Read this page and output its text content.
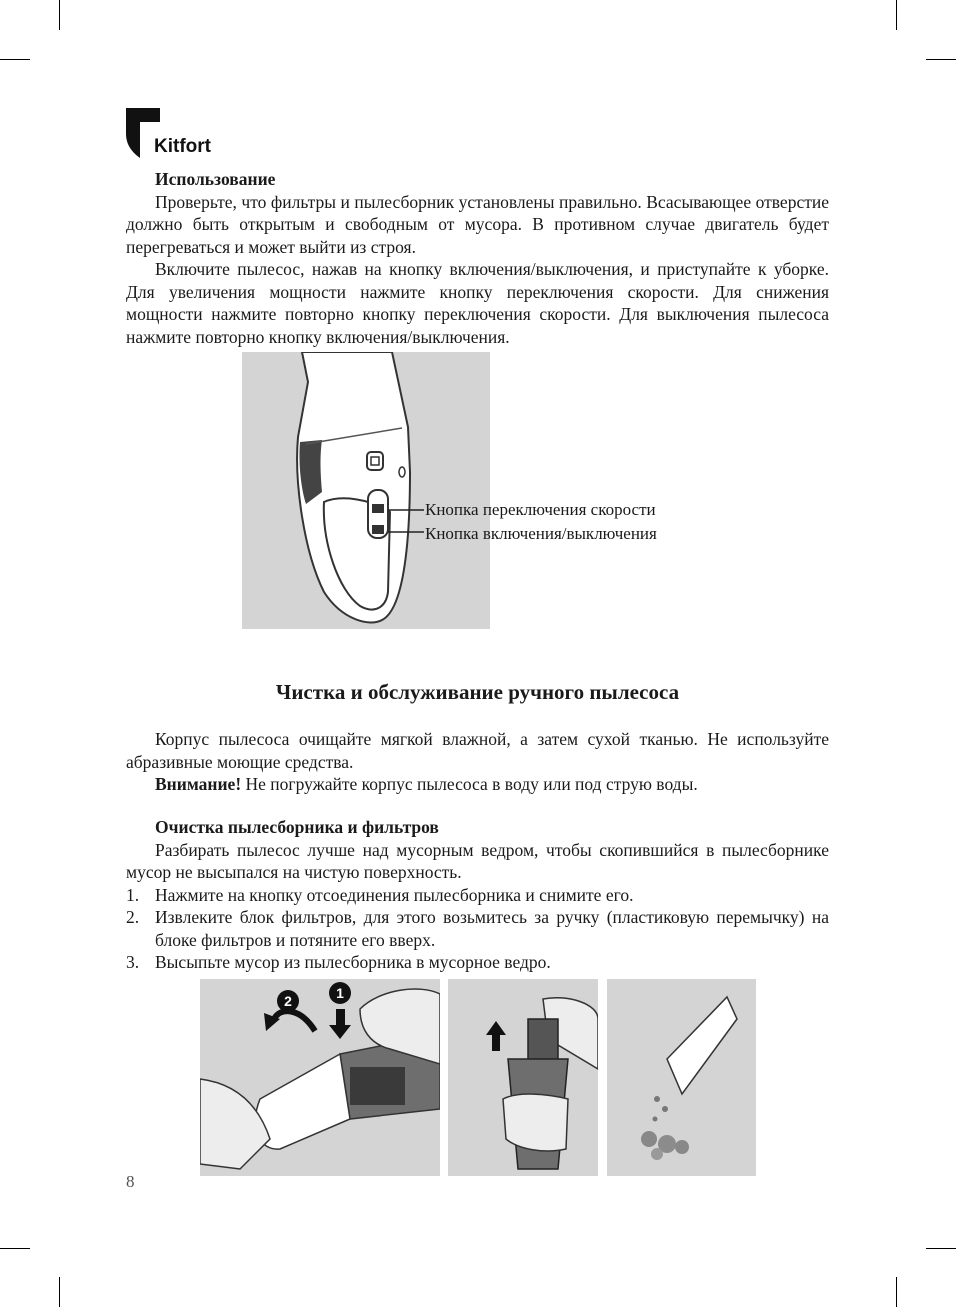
Kitfort

Использование

Проверьте, что фильтры и пылесборник установлены правильно. Всасывающее отверстие должно быть открытым и свободным от мусора. В противном случае двигатель будет перегреваться и может выйти из строя.

Включите пылесос, нажав на кнопку включения/выключения, и приступайте к уборке. Для увеличения мощности нажмите кнопку переключения скорости. Для снижения мощности нажмите повторно кнопку переключения скорости. Для выключения пылесоса нажмите повторно кнопку включения/выключения.

Кнопка переключения скорости
Кнопка включения/выключения
Чистка и обслуживание ручного пылесоса

Корпус пылесоса очищайте мягкой влажной, а затем сухой тканью. Не используйте абразивные моющие средства.

Внимание! Не погружайте корпус пылесоса в воду или под струю воды.

Очистка пылесборника и фильтров

Разбирать пылесос лучше над мусорным ведром, чтобы скопившийся в пылесборнике мусор не высыпался на чистую поверхность.

1. Нажмите на кнопку отсоединения пылесборника и снимите его.
2. Извлеките блок фильтров, для этого возьмитесь за ручку (пластиковую перемычку) на блоке фильтров и потяните его вверх.
3. Высыпьте мусор из пылесборника в мусорное ведро.
1
2
8
